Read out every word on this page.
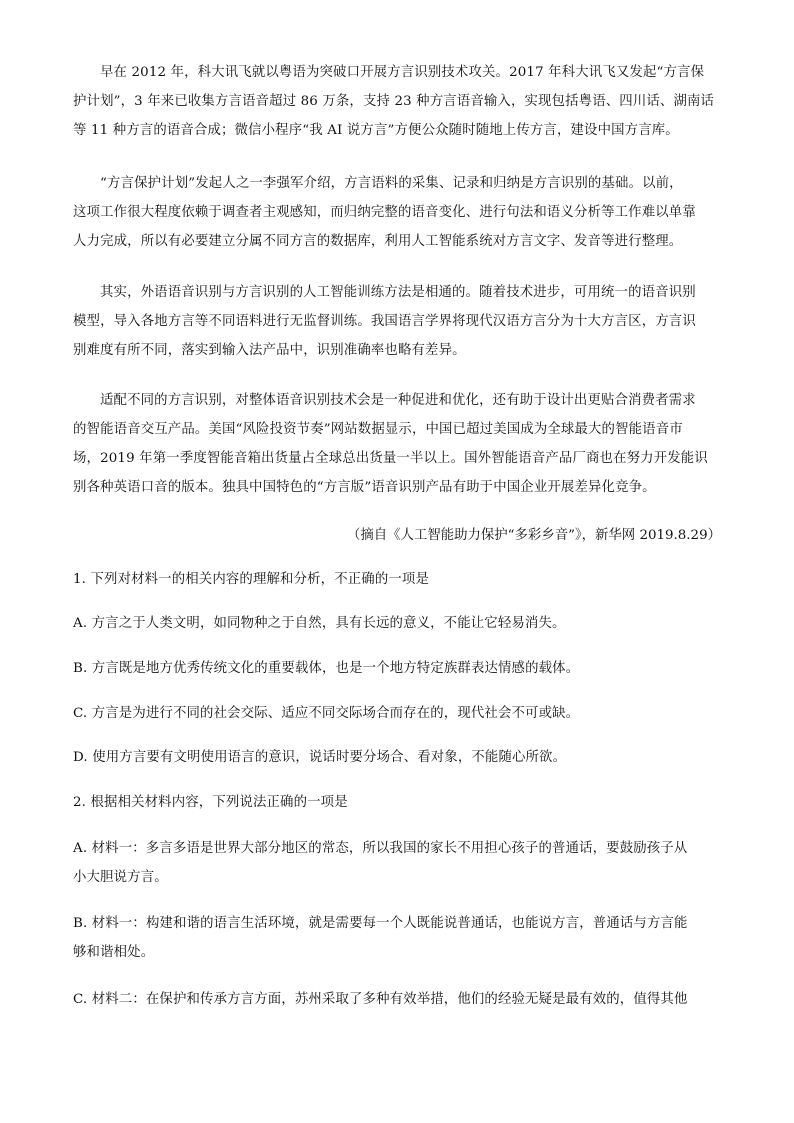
早在 2012 年，科大讯飞就以粤语为突破口开展方言识别技术攻关。2017 年科大讯飞又发起“方言保
护计划”，3 年来已收集方言语音超过 86 万条，支持 23 种方言语音输入，实现包括粤语、四川话、湖南话
等 11 种方言的语音合成；微信小程序“我 AI 说方言”方便公众随时随地上传方言，建设中国方言库。
“方言保护计划”发起人之一李强军介绍，方言语料的采集、记录和归纳是方言识别的基础。以前，
这项工作很大程度依赖于调查者主观感知，而归纳完整的语音变化、进行句法和语义分析等工作难以单靠
人力完成，所以有必要建立分属不同方言的数据库，利用人工智能系统对方言文字、发音等进行整理。
其实，外语语音识别与方言识别的人工智能训练方法是相通的。随着技术进步，可用统一的语音识别
模型，导入各地方言等不同语料进行无监督训练。我国语言学界将现代汉语方言分为十大方言区，方言识
别难度有所不同，落实到输入法产品中，识别准确率也略有差异。
适配不同的方言识别，对整体语音识别技术会是一种促进和优化，还有助于设计出更贴合消费者需求
的智能语音交互产品。美国“风险投资节奏”网站数据显示，中国已超过美国成为全球最大的智能语音市
场，2019 年第一季度智能音箱出货量占全球总出货量一半以上。国外智能语音产品厂商也在努力开发能识
别各种英语口音的版本。独具中国特色的“方言版”语音识别产品有助于中国企业开展差异化竞争。

（摘自《人工智能助力保护“多彩乡音”》，新华网 2019.8.29）

1. 下列对材料一的相关内容的理解和分析，不正确的一项是
A. 方言之于人类文明，如同物种之于自然，具有长远的意义，不能让它轻易消失。
B. 方言既是地方优秀传统文化的重要载体，也是一个地方特定族群表达情感的载体。
C. 方言是为进行不同的社会交际、适应不同交际场合而存在的，现代社会不可或缺。
D. 使用方言要有文明使用语言的意识，说话时要分场合、看对象，不能随心所欲。
2. 根据相关材料内容，下列说法正确的一项是
A. 材料一：多言多语是世界大部分地区的常态，所以我国的家长不用担心孩子的普通话，要鼓励孩子从
小大胆说方言。
B. 材料一：构建和谐的语言生活环境，就是需要每一个人既能说普通话，也能说方言，普通话与方言能
够和谐相处。
C. 材料二：在保护和传承方言方面，苏州采取了多种有效举措，他们的经验无疑是最有效的，值得其他
